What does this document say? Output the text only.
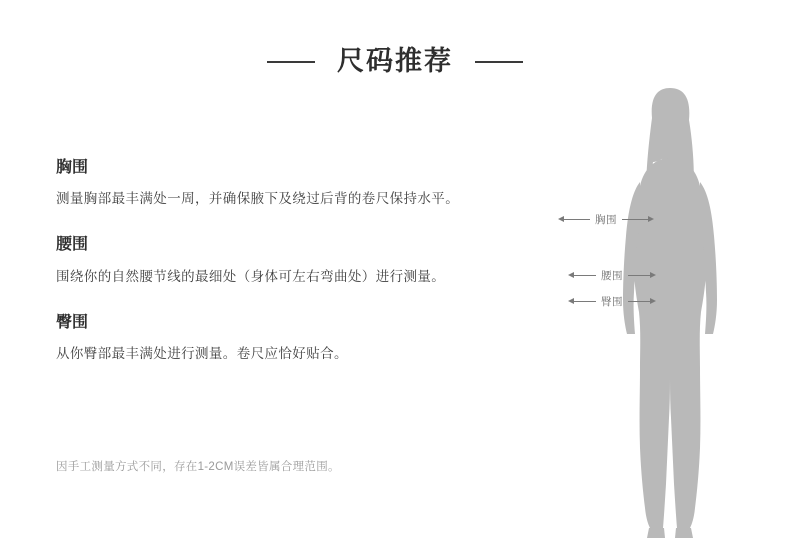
尺码推荐
胸围

测量胸部最丰满处一周，并确保腋下及绕过后背的卷尺保持水平。

腰围

围绕你的自然腰节线的最细处（身体可左右弯曲处）进行测量。

臀围

从你臀部最丰满处进行测量。卷尺应恰好贴合。

因手工测量方式不同，存在1-2CM误差皆属合理范围。
胸围
腰围
臀围
